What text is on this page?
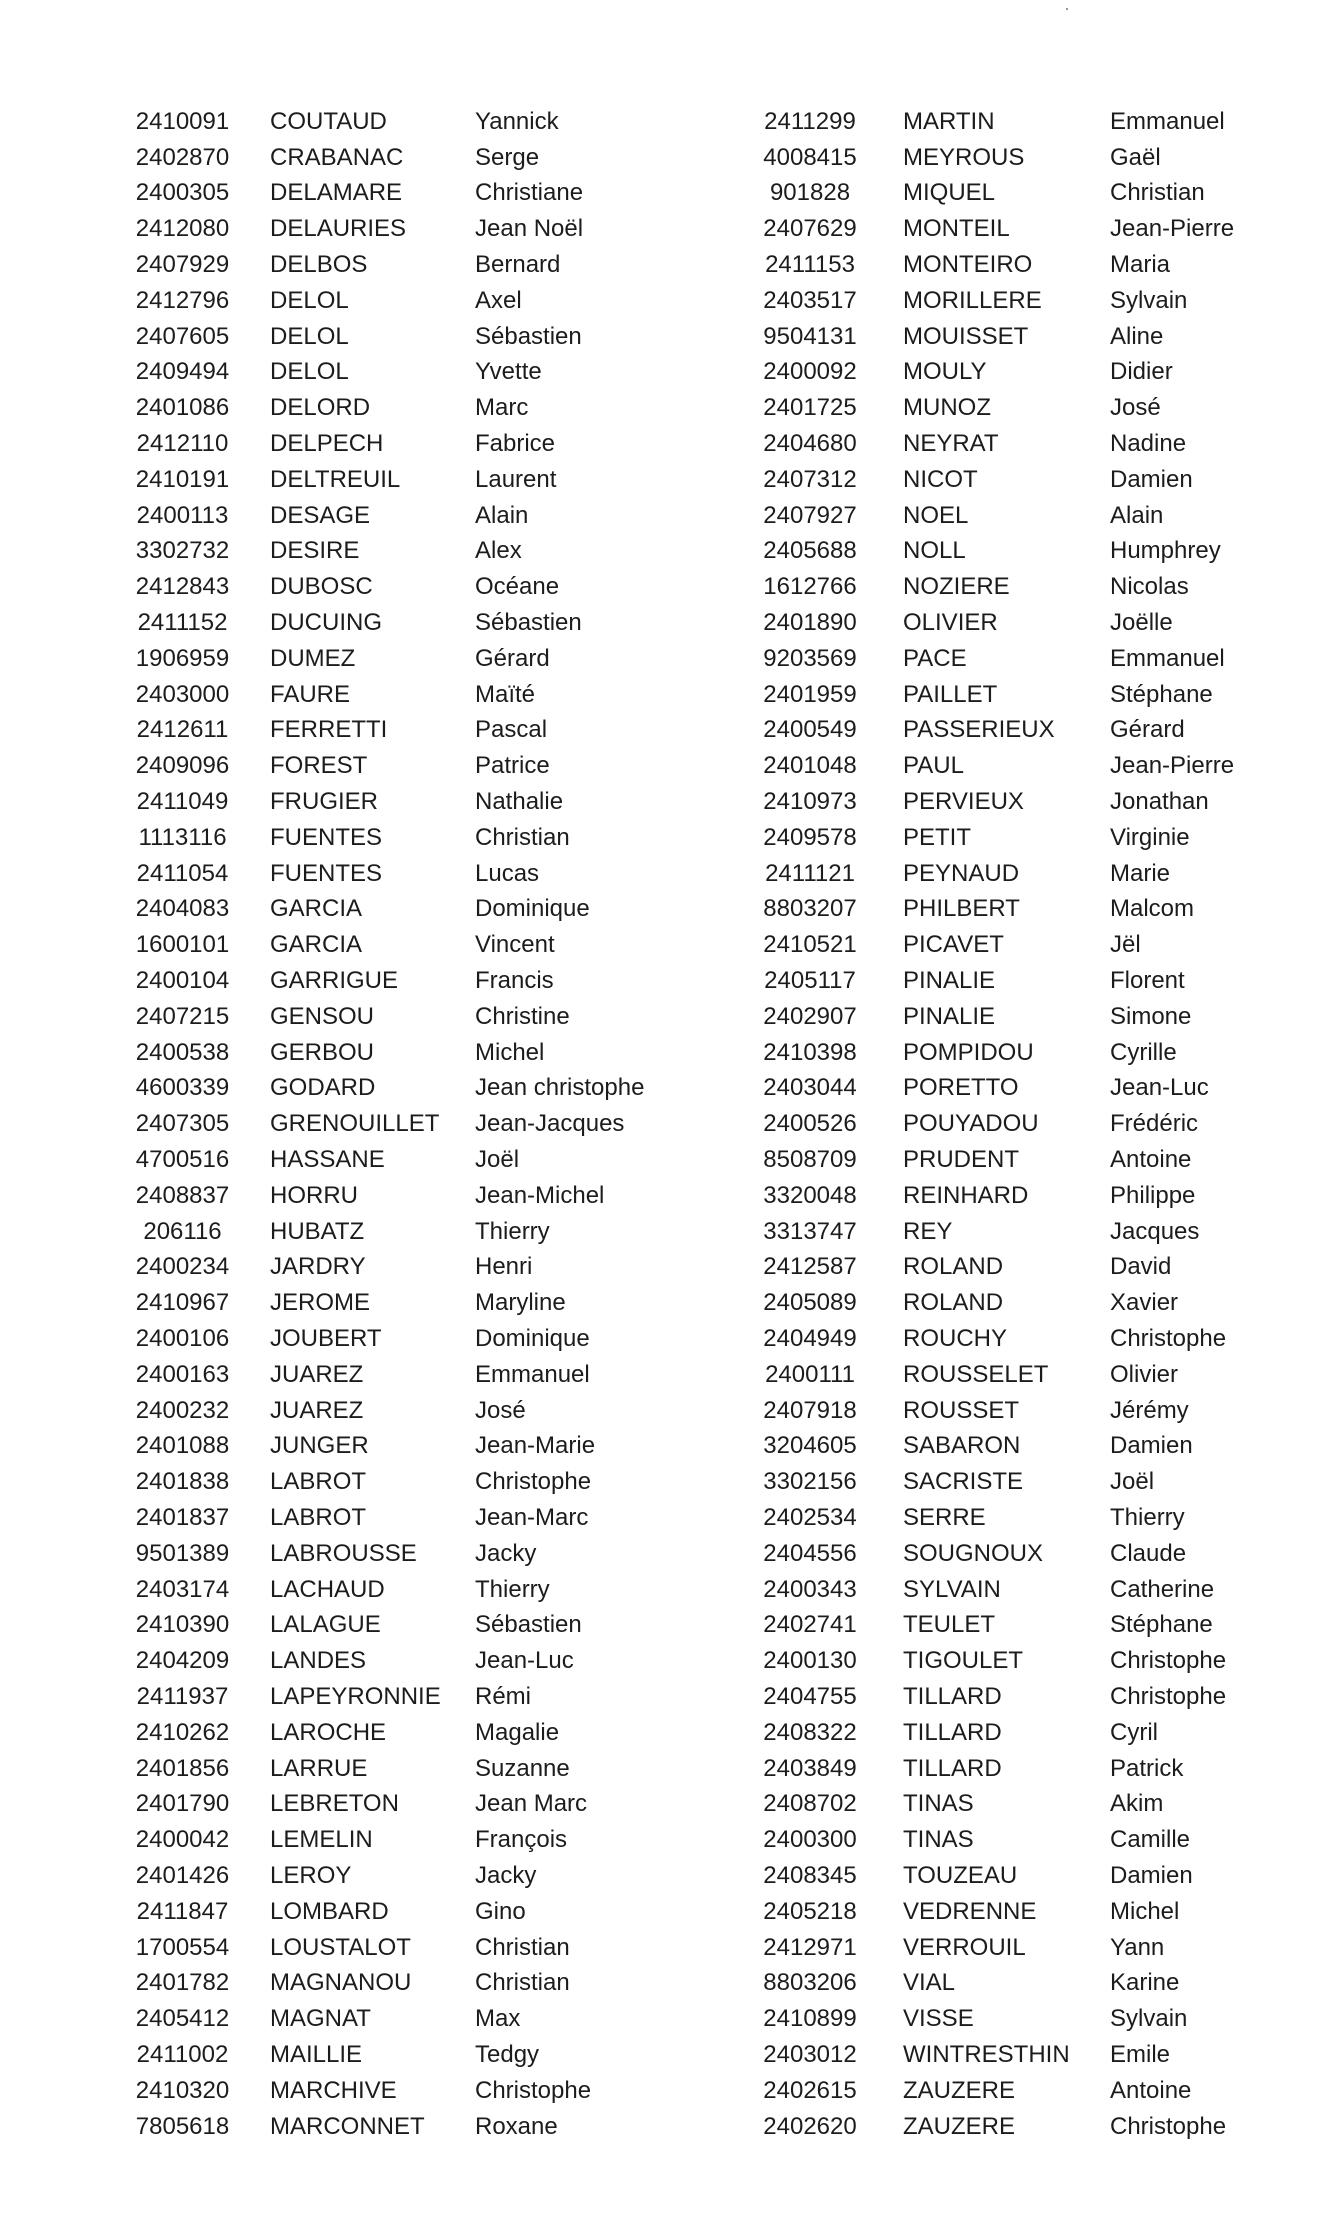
2410091	COUTAUD	Yannick
2402870	CRABANAC	Serge
2400305	DELAMARE	Christiane
2412080	DELAURIES	Jean Noël
2407929	DELBOS	Bernard
2412796	DELOL	Axel
2407605	DELOL	Sébastien
2409494	DELOL	Yvette
2401086	DELORD	Marc
2412110	DELPECH	Fabrice
2410191	DELTREUIL	Laurent
2400113	DESAGE	Alain
3302732	DESIRE	Alex
2412843	DUBOSC	Océane
2411152	DUCUING	Sébastien
1906959	DUMEZ	Gérard
2403000	FAURE	Maïté
2412611	FERRETTI	Pascal
2409096	FOREST	Patrice
2411049	FRUGIER	Nathalie
1113116	FUENTES	Christian
2411054	FUENTES	Lucas
2404083	GARCIA	Dominique
1600101	GARCIA	Vincent
2400104	GARRIGUE	Francis
2407215	GENSOU	Christine
2400538	GERBOU	Michel
4600339	GODARD	Jean christophe
2407305	GRENOUILLET	Jean-Jacques
4700516	HASSANE	Joël
2408837	HORRU	Jean-Michel
206116	HUBATZ	Thierry
2400234	JARDRY	Henri
2410967	JEROME	Maryline
2400106	JOUBERT	Dominique
2400163	JUAREZ	Emmanuel
2400232	JUAREZ	José
2401088	JUNGER	Jean-Marie
2401838	LABROT	Christophe
2401837	LABROT	Jean-Marc
9501389	LABROUSSE	Jacky
2403174	LACHAUD	Thierry
2410390	LALAGUE	Sébastien
2404209	LANDES	Jean-Luc
2411937	LAPEYRONNIE	Rémi
2410262	LAROCHE	Magalie
2401856	LARRUE	Suzanne
2401790	LEBRETON	Jean Marc
2400042	LEMELIN	François
2401426	LEROY	Jacky
2411847	LOMBARD	Gino
1700554	LOUSTALOT	Christian
2401782	MAGNANOU	Christian
2405412	MAGNAT	Max
2411002	MAILLIE	Tedgy
2410320	MARCHIVE	Christophe
7805618	MARCONNET	Roxane
2411299	MARTIN	Emmanuel
4008415	MEYROUS	Gaël
901828	MIQUEL	Christian
2407629	MONTEIL	Jean-Pierre
2411153	MONTEIRO	Maria
2403517	MORILLERE	Sylvain
9504131	MOUISSET	Aline
2400092	MOULY	Didier
2401725	MUNOZ	José
2404680	NEYRAT	Nadine
2407312	NICOT	Damien
2407927	NOEL	Alain
2405688	NOLL	Humphrey
1612766	NOZIERE	Nicolas
2401890	OLIVIER	Joëlle
9203569	PACE	Emmanuel
2401959	PAILLET	Stéphane
2400549	PASSERIEUX	Gérard
2401048	PAUL	Jean-Pierre
2410973	PERVIEUX	Jonathan
2409578	PETIT	Virginie
2411121	PEYNAUD	Marie
8803207	PHILBERT	Malcom
2410521	PICAVET	Jël
2405117	PINALIE	Florent
2402907	PINALIE	Simone
2410398	POMPIDOU	Cyrille
2403044	PORETTO	Jean-Luc
2400526	POUYADOU	Frédéric
8508709	PRUDENT	Antoine
3320048	REINHARD	Philippe
3313747	REY	Jacques
2412587	ROLAND	David
2405089	ROLAND	Xavier
2404949	ROUCHY	Christophe
2400111	ROUSSELET	Olivier
2407918	ROUSSET	Jérémy
3204605	SABARON	Damien
3302156	SACRISTE	Joël
2402534	SERRE	Thierry
2404556	SOUGNOUX	Claude
2400343	SYLVAIN	Catherine
2402741	TEULET	Stéphane
2400130	TIGOULET	Christophe
2404755	TILLARD	Christophe
2408322	TILLARD	Cyril
2403849	TILLARD	Patrick
2408702	TINAS	Akim
2400300	TINAS	Camille
2408345	TOUZEAU	Damien
2405218	VEDRENNE	Michel
2412971	VERROUIL	Yann
8803206	VIAL	Karine
2410899	VISSE	Sylvain
2403012	WINTRESTHIN	Emile
2402615	ZAUZERE	Antoine
2402620	ZAUZERE	Christophe
